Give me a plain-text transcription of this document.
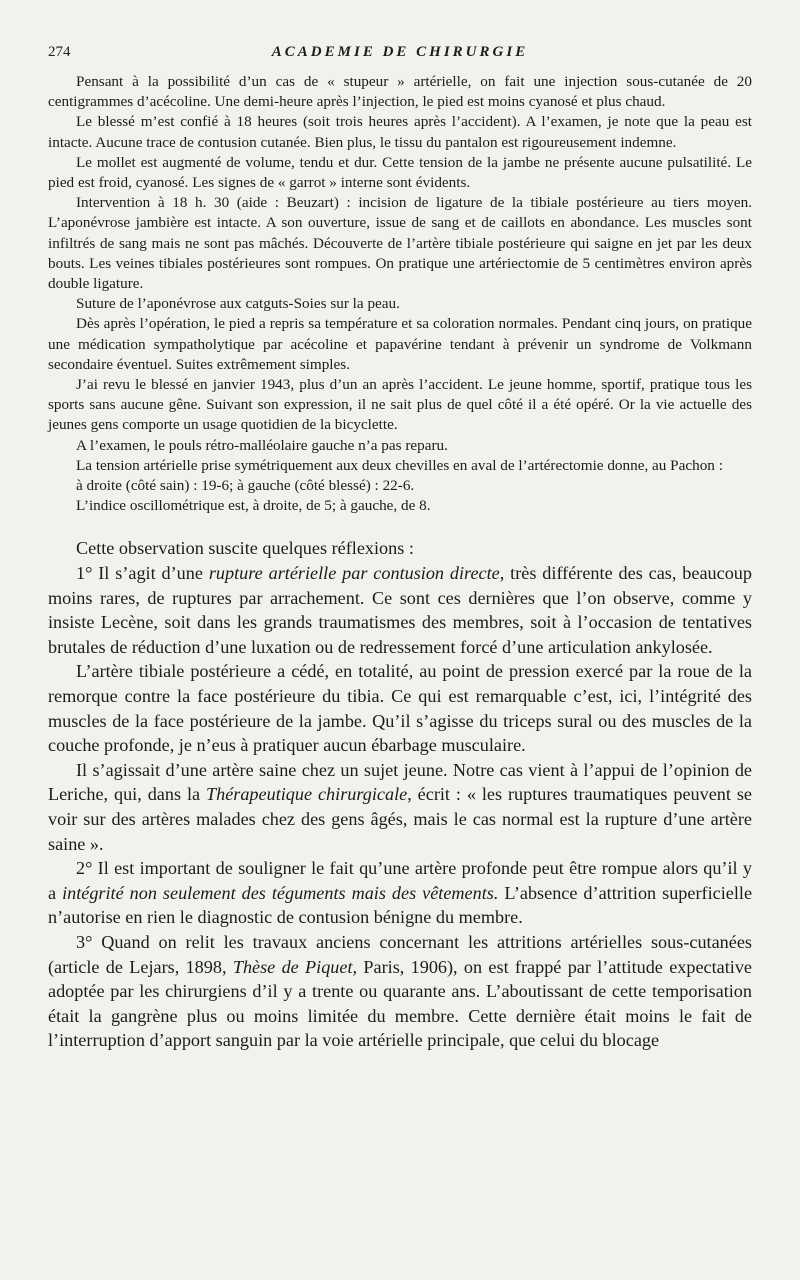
274	ACADEMIE DE CHIRURGIE

Pensant à la possibilité d’un cas de « stupeur » artérielle, on fait une injection sous-cutanée de 20 centigrammes d’acécoline. Une demi-heure après l’injection, le pied est moins cyanosé et plus chaud.

Le blessé m’est confié à 18 heures (soit trois heures après l’accident). A l’examen, je note que la peau est intacte. Aucune trace de contusion cutanée. Bien plus, le tissu du pantalon est rigoureusement indemne.

Le mollet est augmenté de volume, tendu et dur. Cette tension de la jambe ne présente aucune pulsatilité. Le pied est froid, cyanosé. Les signes de « garrot » interne sont évidents.

Intervention à 18 h. 30 (aide : Beuzart) : incision de ligature de la tibiale postérieure au tiers moyen. L’aponévrose jambière est intacte. A son ouverture, issue de sang et de caillots en abondance. Les muscles sont infiltrés de sang mais ne sont pas mâchés. Découverte de l’artère tibiale postérieure qui saigne en jet par les deux bouts. Les veines tibiales postérieures sont rompues. On pratique une artériectomie de 5 centimètres environ après double ligature.

Suture de l’aponévrose aux catguts-Soies sur la peau.

Dès après l’opération, le pied a repris sa température et sa coloration normales. Pendant cinq jours, on pratique une médication sympatholytique par acécoline et papavérine tendant à prévenir un syndrome de Volkmann secondaire éventuel. Suites extrêmement simples.

J’ai revu le blessé en janvier 1943, plus d’un an après l’accident. Le jeune homme, sportif, pratique tous les sports sans aucune gêne. Suivant son expression, il ne sait plus de quel côté il a été opéré. Or la vie actuelle des jeunes gens comporte un usage quotidien de la bicyclette.

A l’examen, le pouls rétro-malléolaire gauche n’a pas reparu.

La tension artérielle prise symétriquement aux deux chevilles en aval de l’artérectomie donne, au Pachon :

à droite (côté sain) : 19-6; à gauche (côté blessé) : 22-6.

L’indice oscillométrique est, à droite, de 5; à gauche, de 8.

Cette observation suscite quelques réflexions :

1° Il s’agit d’une rupture artérielle par contusion directe, très différente des cas, beaucoup moins rares, de ruptures par arrachement. Ce sont ces dernières que l’on observe, comme y insiste Lecène, soit dans les grands traumatismes des membres, soit à l’occasion de tentatives brutales de réduction d’une luxation ou de redressement forcé d’une articulation ankylosée.

L’artère tibiale postérieure a cédé, en totalité, au point de pression exercé par la roue de la remorque contre la face postérieure du tibia. Ce qui est remarquable c’est, ici, l’intégrité des muscles de la face postérieure de la jambe. Qu’il s’agisse du triceps sural ou des muscles de la couche profonde, je n’eus à pratiquer aucun ébarbage musculaire.

Il s’agissait d’une artère saine chez un sujet jeune. Notre cas vient à l’appui de l’opinion de Leriche, qui, dans la Thérapeutique chirurgicale, écrit : « les ruptures traumatiques peuvent se voir sur des artères malades chez des gens âgés, mais le cas normal est la rupture d’une artère saine ».

2° Il est important de souligner le fait qu’une artère profonde peut être rompue alors qu’il y a intégrité non seulement des téguments mais des vêtements. L’absence d’attrition superficielle n’autorise en rien le diagnostic de contusion bénigne du membre.

3° Quand on relit les travaux anciens concernant les attritions artérielles sous-cutanées (article de Lejars, 1898, Thèse de Piquet, Paris, 1906), on est frappé par l’attitude expectative adoptée par les chirurgiens d’il y a trente ou quarante ans. L’aboutissant de cette temporisation était la gangrène plus ou moins limitée du membre. Cette dernière était moins le fait de l’interruption d’apport sanguin par la voie artérielle principale, que celui du blocage
